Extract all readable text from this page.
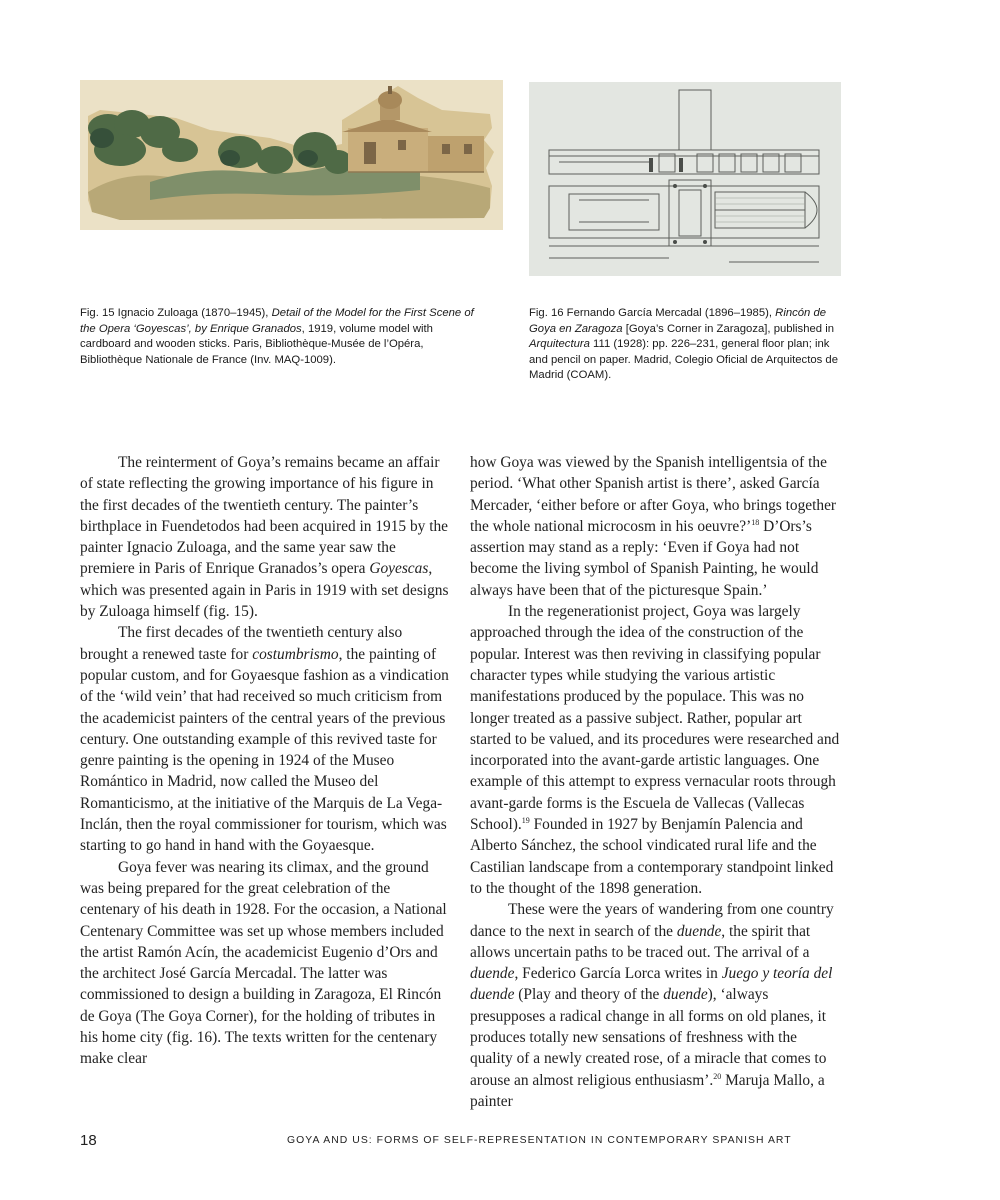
Fig. 15 Ignacio Zuloaga (1870–1945), Detail of the Model for the First Scene of the Opera ‘Goyescas’, by Enrique Granados, 1919, volume model with cardboard and wooden sticks. Paris, Bibliothèque-Musée de l’Opéra, Bibliothèque Nationale de France (Inv. MAQ-1009).
Fig. 16 Fernando García Mercadal (1896–1985), Rincón de Goya en Zaragoza [Goya’s Corner in Zaragoza], published in Arquitectura 111 (1928): pp. 226–231, general floor plan; ink and pencil on paper. Madrid, Colegio Oficial de Arquitectos de Madrid (COAM).

The reinterment of Goya’s remains became an affair of state reflecting the growing importance of his figure in the first decades of the twentieth century. The painter’s birthplace in Fuendetodos had been acquired in 1915 by the painter Ignacio Zuloaga, and the same year saw the premiere in Paris of Enrique Granados’s opera Goyescas, which was presented again in Paris in 1919 with set designs by Zuloaga himself (fig. 15).

The first decades of the twentieth century also brought a renewed taste for costumbrismo, the painting of popular custom, and for Goyaesque fashion as a vindication of the ‘wild vein’ that had received so much criticism from the academicist painters of the central years of the previous century. One outstanding example of this revived taste for genre painting is the opening in 1924 of the Museo Romántico in Madrid, now called the Museo del Romanticismo, at the initiative of the Marquis de La Vega-Inclán, then the royal commissioner for tourism, which was starting to go hand in hand with the Goyaesque.

Goya fever was nearing its climax, and the ground was being prepared for the great celebration of the centenary of his death in 1928. For the occasion, a National Centenary Committee was set up whose members included the artist Ramón Acín, the academicist Eugenio d’Ors and the architect José García Mercadal. The latter was commissioned to design a building in Zaragoza, El Rincón de Goya (The Goya Corner), for the holding of tributes in his home city (fig. 16). The texts written for the centenary make clear

how Goya was viewed by the Spanish intelligentsia of the period. ‘What other Spanish artist is there’, asked García Mercader, ‘either before or after Goya, who brings together the whole national microcosm in his oeuvre?’$^{18}$ D’Ors’s assertion may stand as a reply: ‘Even if Goya had not become the living symbol of Spanish Painting, he would always have been that of the picturesque Spain.’

In the regenerationist project, Goya was largely approached through the idea of the construction of the popular. Interest was then reviving in classifying popular character types while studying the various artistic manifestations produced by the populace. This was no longer treated as a passive subject. Rather, popular art started to be valued, and its procedures were researched and incorporated into the avant-garde artistic languages. One example of this attempt to express vernacular roots through avant-garde forms is the Escuela de Vallecas (Vallecas School).$^{19}$ Founded in 1927 by Benjamín Palencia and Alberto Sánchez, the school vindicated rural life and the Castilian landscape from a contemporary standpoint linked to the thought of the 1898 generation.

These were the years of wandering from one country dance to the next in search of the duende, the spirit that allows uncertain paths to be traced out. The arrival of a duende, Federico García Lorca writes in Juego y teoría del duende (Play and theory of the duende), ‘always presupposes a radical change in all forms on old planes, it produces totally new sensations of freshness with the quality of a newly created rose, of a miracle that comes to arouse an almost religious enthusiasm’.$^{20}$ Maruja Mallo, a painter

18	GOYA AND US: FORMS OF SELF-REPRESENTATION IN CONTEMPORARY SPANISH ART
